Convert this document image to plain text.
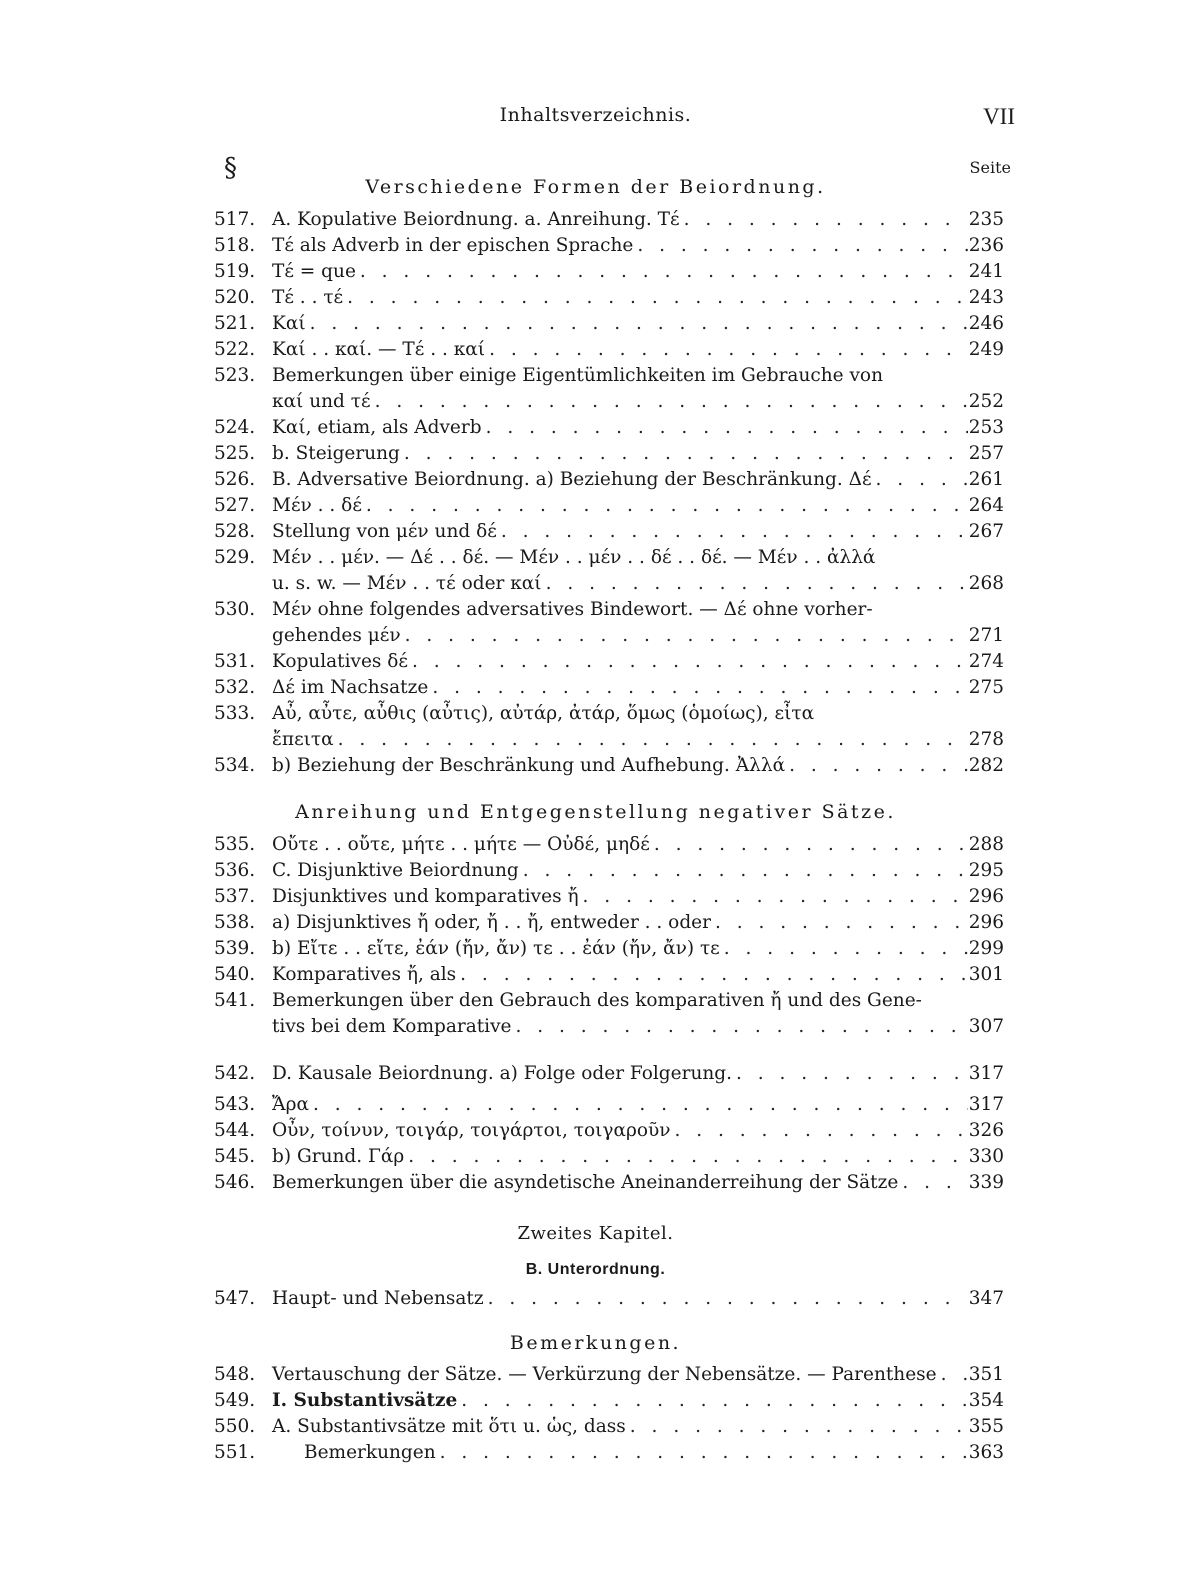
Inhaltsverzeichnis.	VII
§	Seite
Verschiedene Formen der Beiordnung.
517. A. Kopulative Beiordnung. a. Anreihung. Τέ . . .	235
518. Τέ als Adverb in der epischen Sprache . . .	236
519. Τέ = que . . .	241
520. Τέ . . τέ . . .	243
521. Καί . . .	246
522. Καί . . καί. — Τέ . . καί . . .	249
523. Bemerkungen über einige Eigentümlichkeiten im Gebrauche von
καί und τέ . . .	252
524. Καί, etiam, als Adverb . . .	253
525. b. Steigerung . . .	257
526. B. Adversative Beiordnung. a) Beziehung der Beschränkung. Δέ . . .	261
527. Μέν . . δέ . . .	264
528. Stellung von μέν und δέ . . .	267
529. Μέν . . μέν. — Δέ . . δέ. — Μέν . . μέν . . δέ . . δέ. — Μέν . . ἀλλά
u. s. w. — Μέν . . τέ oder καί . . .	268
530. Μέν ohne folgendes adversatives Bindewort. — Δέ ohne vorher-
gehendes μέν . . .	271
531. Kopulatives δέ . . .	274
532. Δέ im Nachsatze . . .	275
533. Αὖ, αὖτε, αὖθις (αὖτις), αὐτάρ, ἀτάρ, ὅμως (ὁμοίως), εἶτα
ἔπειτα . . .	278
534. b) Beziehung der Beschränkung und Aufhebung. Ἀλλά . . .	282
Anreihung und Entgegenstellung negativer Sätze.
535. Οὔτε . . οὔτε, μήτε . . μήτε — Οὐδέ, μηδέ . . .	288
536. C. Disjunktive Beiordnung . . .	295
537. Disjunktives und komparatives ἤ . . .	296
538. a) Disjunktives ἤ oder, ἤ . . ἤ, entweder . . oder . . .	296
539. b) Εἴτε . . εἴτε, ἐάν (ἤν, ἄν) τε . . ἐάν (ἤν, ἄν) τε . . .	299
540. Komparatives ἤ, als . . .	301
541. Bemerkungen über den Gebrauch des komparativen ἤ und des Gene-
tivs bei dem Komparative . . .	307
542. D. Kausale Beiordnung. a) Folge oder Folgerung. . . .	317
543. Ἄρα . . .	317
544. Οὖν, τοίνυν, τοιγάρ, τοιγάρτοι, τοιγαροῦν . . .	326
545. b) Grund. Γάρ . . .	330
546. Bemerkungen über die asyndetische Aneinanderreihung der Sätze . . .	339
Zweites Kapitel.
B. Unterordnung.
547. Haupt- und Nebensatz . . .	347
Bemerkungen.
548. Vertauschung der Sätze. — Verkürzung der Nebensätze. — Parenthese . . . 351
549. I. Substantivsätze . . .	354
550. A. Substantivsätze mit ὅτι u. ὡς, dass . . .	355
551.	Bemerkungen . . .	363
